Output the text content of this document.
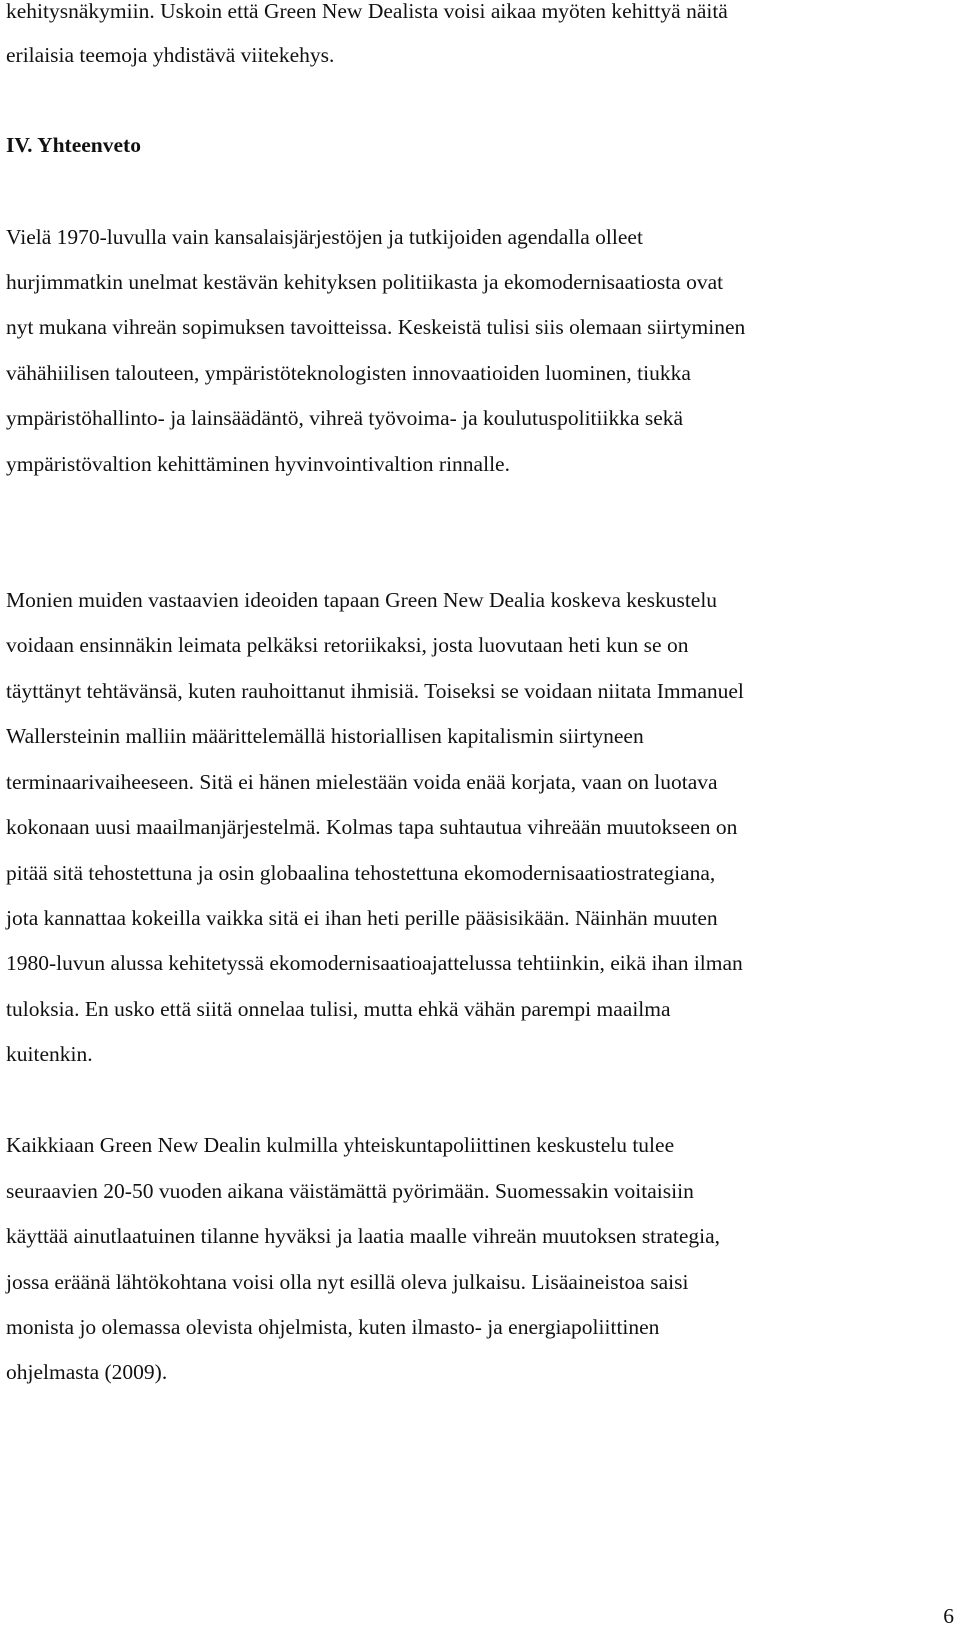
kehitysnäkymiin. Uskoin että Green New Dealista voisi aikaa myöten kehittyä näitä
erilaisia teemoja yhdistävä viitekehys.
IV. Yhteenveto
Vielä 1970-luvulla vain kansalaisjärjestöjen ja tutkijoiden agendalla olleet
hurjimmatkin unelmat kestävän kehityksen politiikasta ja ekomodernisaatiosta ovat
nyt mukana vihreän sopimuksen tavoitteissa. Keskeistä tulisi siis olemaan siirtyminen
vähähiilisen talouteen, ympäristöteknologisten innovaatioiden luominen, tiukka
ympäristöhallinto- ja lainsäädäntö, vihreä työvoima- ja koulutuspolitiikka sekä
ympäristövaltion kehittäminen hyvinvointivaltion rinnalle.
Monien muiden vastaavien ideoiden tapaan Green New Dealia koskeva keskustelu
voidaan ensinnäkin leimata pelkäksi retoriikaksi, josta luovutaan heti kun se on
täyttänyt tehtävänsä, kuten rauhoittanut ihmisiä. Toiseksi se voidaan niitata Immanuel
Wallersteinin malliin määrittelemällä historiallisen kapitalismin siirtyneen
terminaarivaiheeseen. Sitä ei hänen mielestään voida enää korjata, vaan on luotava
kokonaan uusi maailmanjärjestelmä. Kolmas tapa suhtautua vihreään muutokseen on
pitää sitä tehostettuna ja osin globaalina tehostettuna ekomodernisaatiostrategiana,
jota kannattaa kokeilla vaikka sitä ei ihan heti perille pääsisikään. Näinhän muuten
1980-luvun alussa kehitetyssä ekomodernisaatioajattelussa tehtiinkin, eikä ihan ilman
tuloksia. En usko että siitä onnelaa tulisi, mutta ehkä vähän parempi maailma
kuitenkin.
Kaikkiaan Green New Dealin kulmilla yhteiskuntapoliittinen keskustelu tulee
seuraavien 20-50 vuoden aikana väistämättä pyörimään. Suomessakin voitaisiin
käyttää ainutlaatuinen tilanne hyväksi ja laatia maalle vihreän muutoksen strategia,
jossa eräänä lähtökohtana voisi olla nyt esillä oleva julkaisu. Lisäaineistoa saisi
monista jo olemassa olevista ohjelmista, kuten ilmasto- ja energiapoliittinen
ohjelmasta (2009).
6
